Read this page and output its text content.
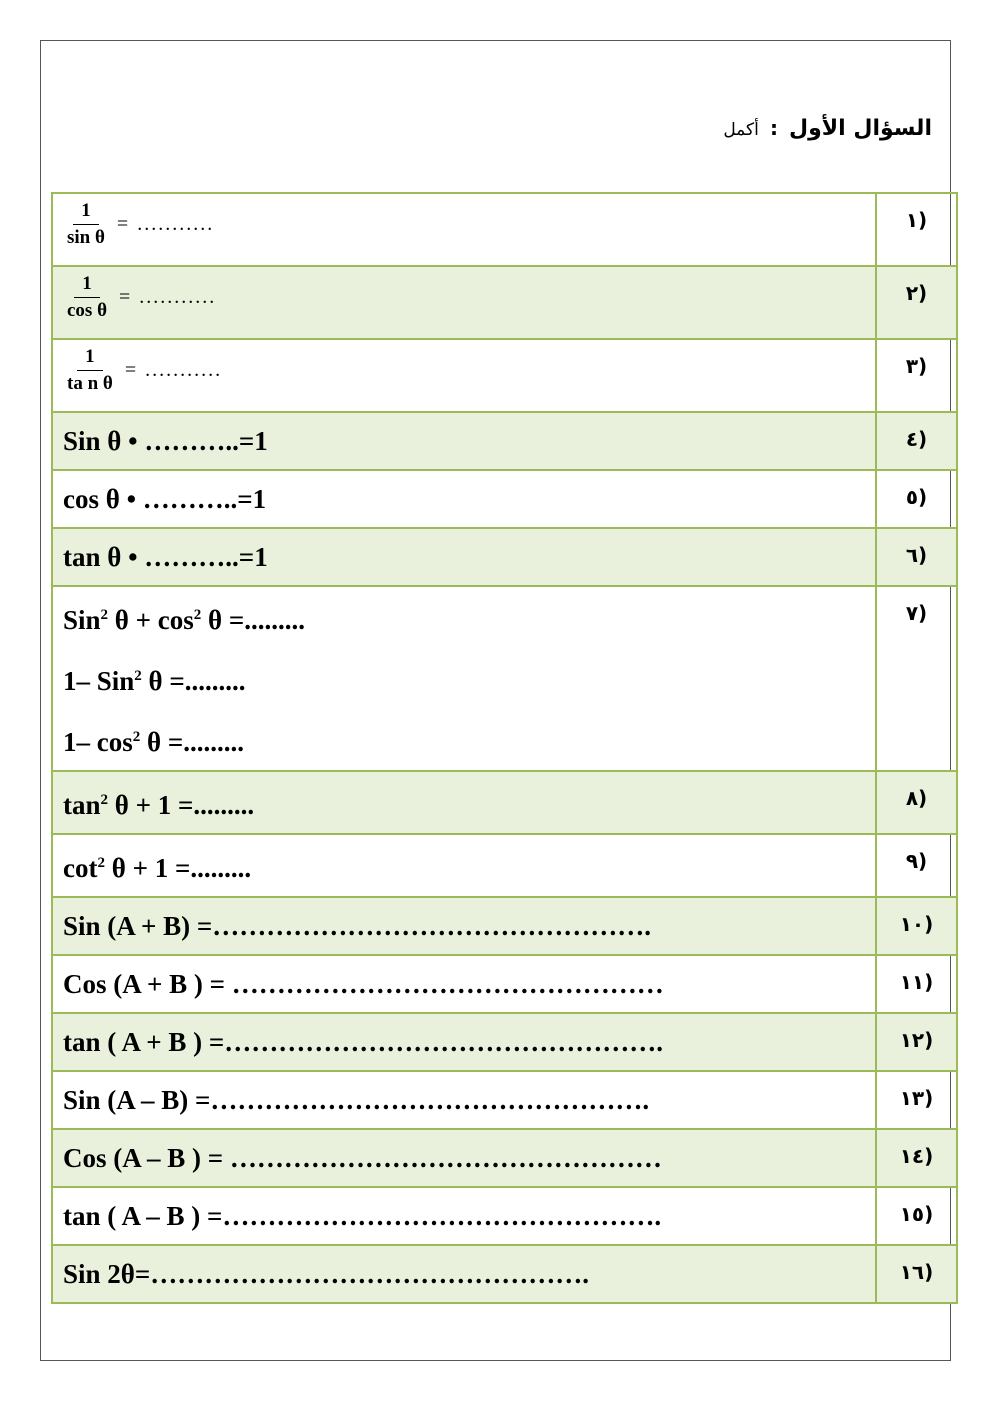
السؤال الأول : أكمل
$\frac{1}{\text{sin θ}}$ = ...........	(١

$\frac{1}{\text{cos θ}}$ = ...........	(٢

$\frac{1}{\text{ta n θ}}$ = ...........	(٣
Sin θ • ………..=1	(٤
cos θ • ………..=1	(٥
tan θ • ………..=1	(٦

Sin$^2$ $\theta + \cos^2 \theta$ =.........
1– Sin$^2$ θ =.........
1– $\cos^2 \theta$ =.........	(٧
$\tan^2 \theta + 1$ =.........	(٨
$\cot^2 \theta + 1$ =.........	(٩
Sin (A + B) =………………………………………….	(١٠
Cos (A + B ) = …………………………………………	(١١
tan ( A + B ) =………………………………………….	(١٢
Sin (A – B) =………………………………………….	(١٣
Cos (A – B ) = …………………………………………	(١٤
tan ( A – B ) =………………………………………….	(١٥
Sin 2θ=………………………………………….	(١٦
